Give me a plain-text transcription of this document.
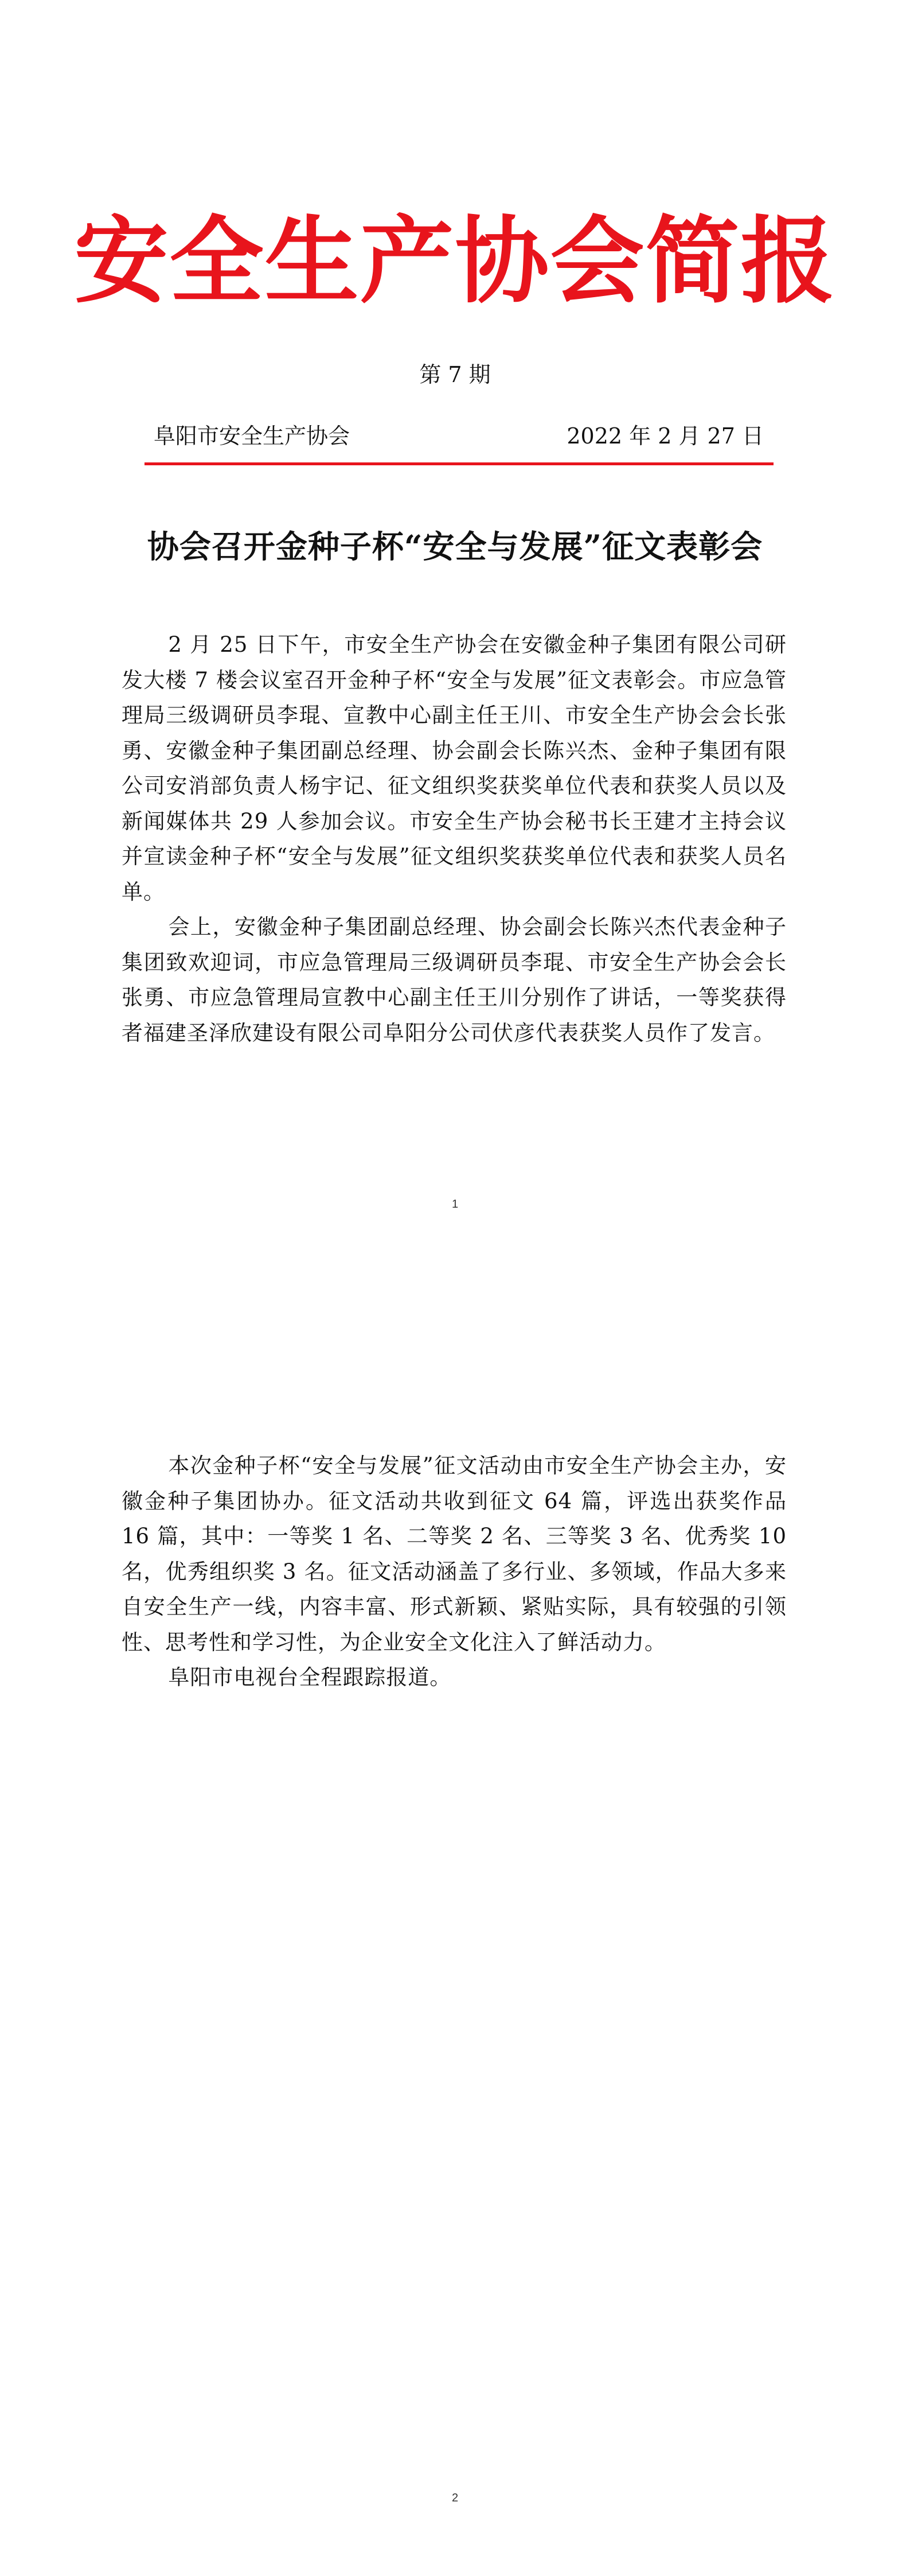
安全生产协会简报
第 7 期
阜阳市安全生产协会	2022 年 2 月 27 日
协会召开金种子杯“安全与发展”征文表彰会

2 月 25 日下午，市安全生产协会在安徽金种子集团有限公司研发大楼 7 楼会议室召开金种子杯“安全与发展”征文表彰会。市应急管理局三级调研员李琨、宣教中心副主任王川、市安全生产协会会长张勇、安徽金种子集团副总经理、协会副会长陈兴杰、金种子集团有限公司安消部负责人杨宇记、征文组织奖获奖单位代表和获奖人员以及新闻媒体共 29 人参加会议。市安全生产协会秘书长王建才主持会议并宣读金种子杯“安全与发展”征文组织奖获奖单位代表和获奖人员名单。

会上，安徽金种子集团副总经理、协会副会长陈兴杰代表金种子集团致欢迎词，市应急管理局三级调研员李琨、市安全生产协会会长张勇、市应急管理局宣教中心副主任王川分别作了讲话，一等奖获得者福建圣泽欣建设有限公司阜阳分公司伏彦代表获奖人员作了发言。

1

本次金种子杯“安全与发展”征文活动由市安全生产协会主办，安徽金种子集团协办。征文活动共收到征文 64 篇，评选出获奖作品 16 篇，其中：一等奖 1 名、二等奖 2 名、三等奖 3 名、优秀奖 10 名，优秀组织奖 3 名。征文活动涵盖了多行业、多领域，作品大多来自安全生产一线，内容丰富、形式新颖、紧贴实际，具有较强的引领性、思考性和学习性，为企业安全文化注入了鲜活动力。

阜阳市电视台全程跟踪报道。

2
